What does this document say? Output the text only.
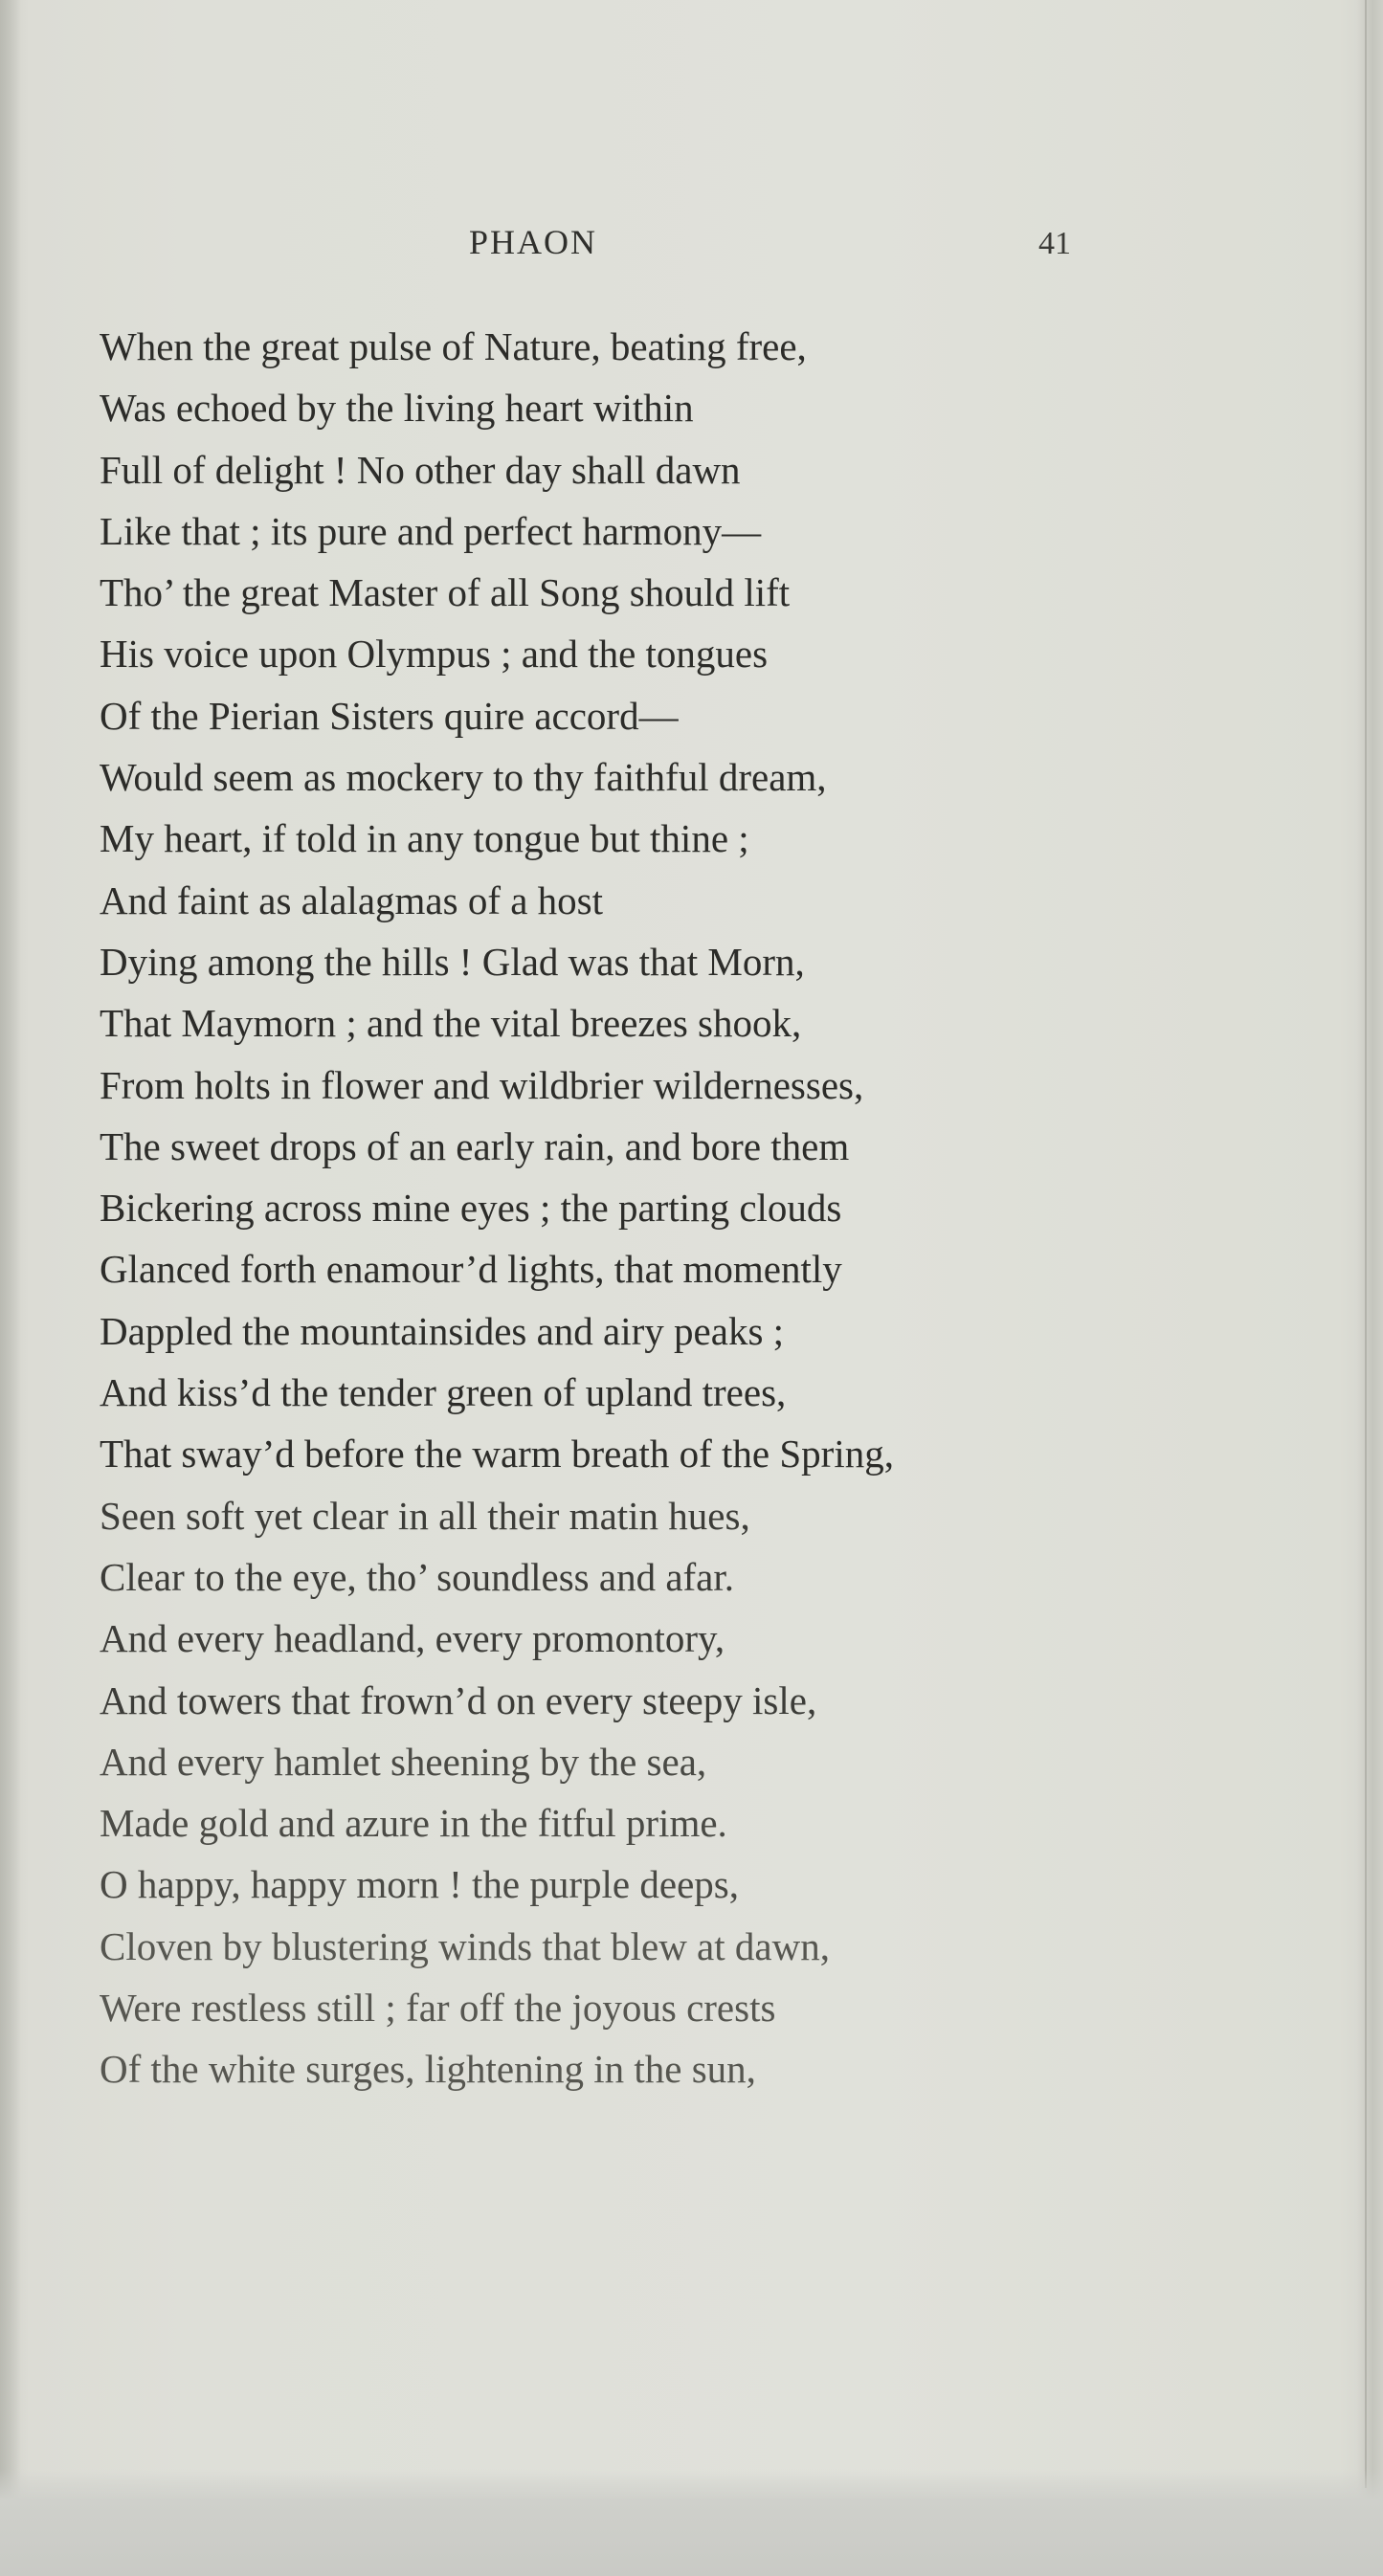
PHAON	41
When the great pulse of Nature, beating free,
Was echoed by the living heart within
Full of delight ! No other day shall dawn
Like that ; its pure and perfect harmony—
Tho’ the great Master of all Song should lift
His voice upon Olympus ; and the tongues
Of the Pierian Sisters quire accord—
Would seem as mockery to thy faithful dream,
My heart, if told in any tongue but thine ;
And faint as alalagmas of a host
Dying among the hills ! Glad was that Morn,
That Maymorn ; and the vital breezes shook,
From holts in flower and wildbrier wildernesses,
The sweet drops of an early rain, and bore them
Bickering across mine eyes ; the parting clouds
Glanced forth enamour’d lights, that momently
Dappled the mountainsides and airy peaks ;
And kiss’d the tender green of upland trees,
That sway’d before the warm breath of the Spring,
Seen soft yet clear in all their matin hues,
Clear to the eye, tho’ soundless and afar.
And every headland, every promontory,
And towers that frown’d on every steepy isle,
And every hamlet sheening by the sea,
Made gold and azure in the fitful prime.
O happy, happy morn ! the purple deeps,
Cloven by blustering winds that blew at dawn,
Were restless still ; far off the joyous crests
Of the white surges, lightening in the sun,
